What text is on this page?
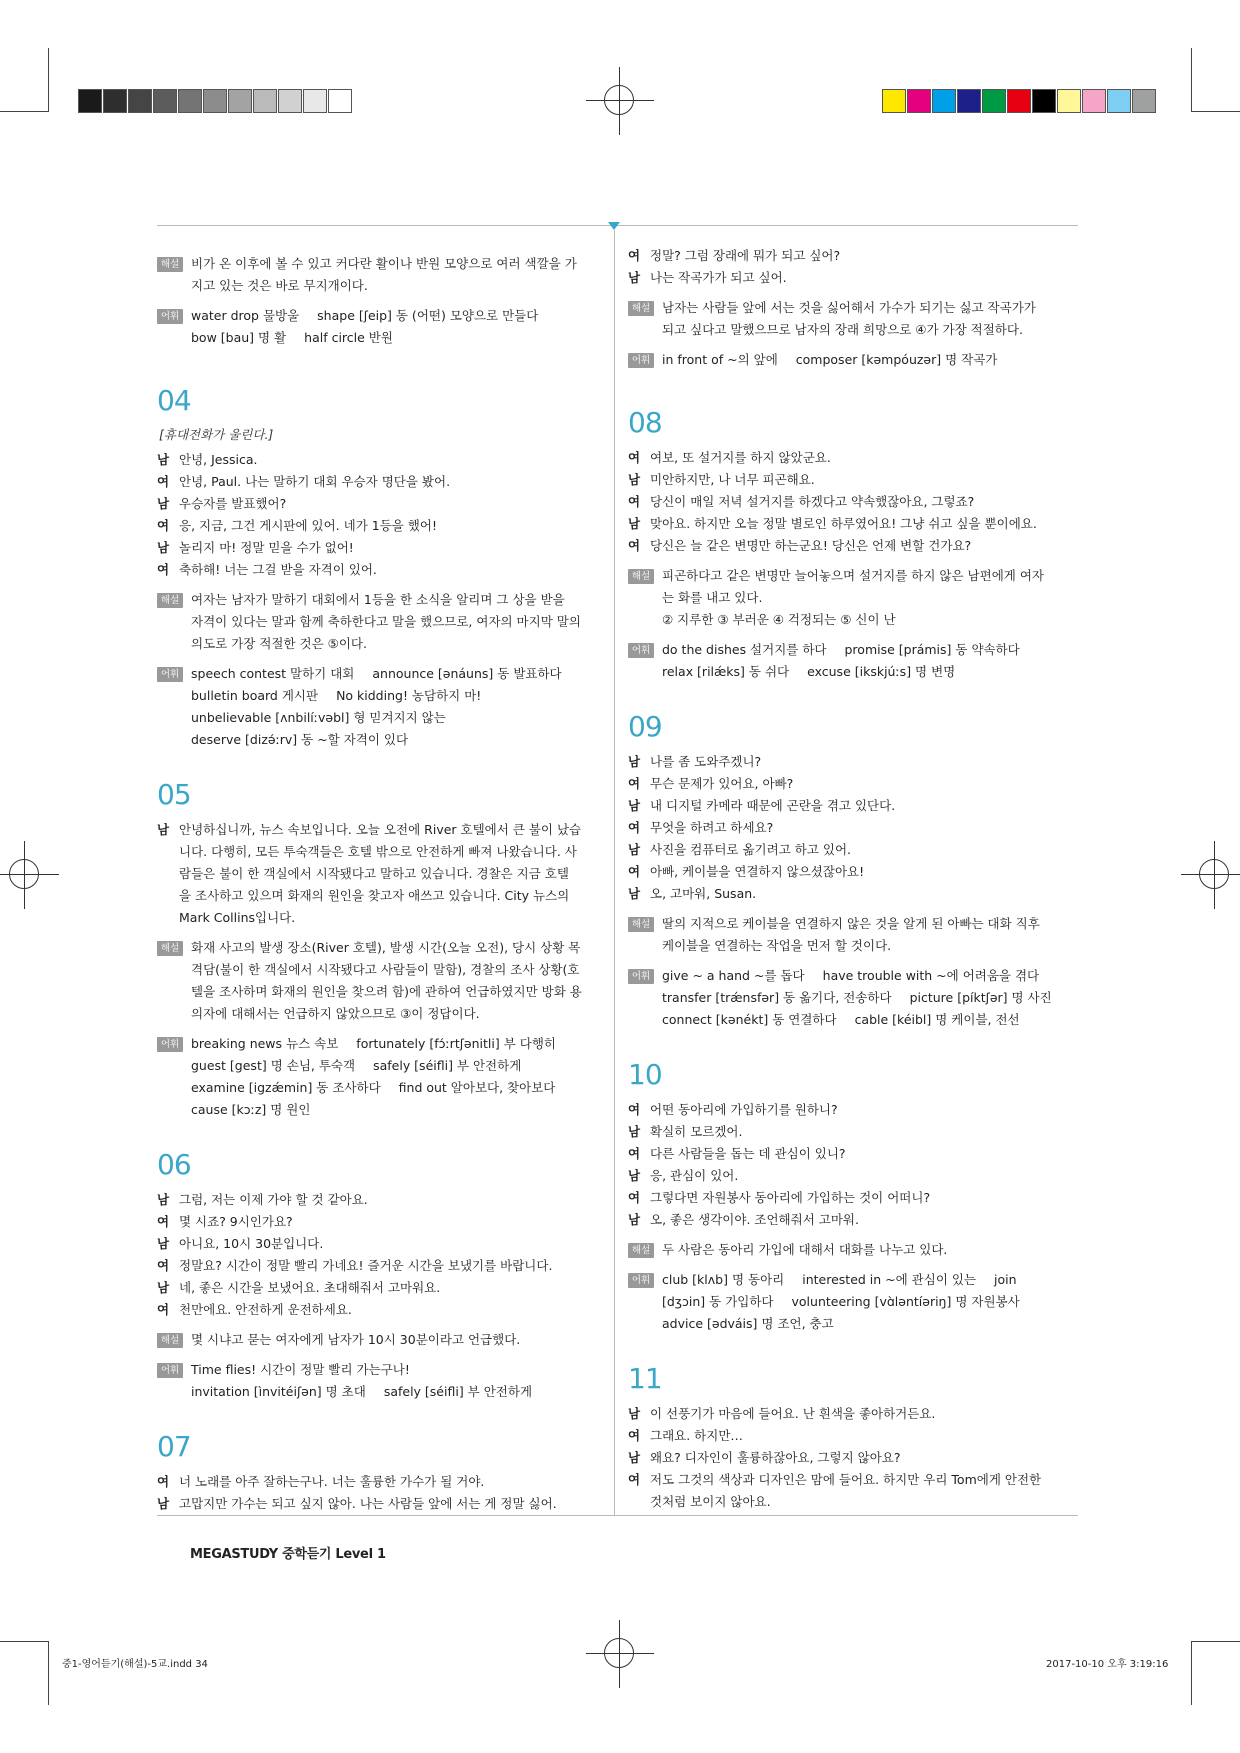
해설 비가 온 이후에 볼 수 있고 커다란 활이나 반원 모양으로 여러 색깔을 가
지고 있는 것은 바로 무지개이다.
어휘 water drop 물방울 shape [ʃeip] 동 (어떤) 모양으로 만들다
bow [bau] 명 활 half circle 반원
04
[휴대전화가 울린다.]
남 안녕, Jessica.
여 안녕, Paul. 나는 말하기 대회 우승자 명단을 봤어.
남 우승자를 발표했어?
여 응, 지금, 그건 게시판에 있어. 네가 1등을 했어!
남 놀리지 마! 정말 믿을 수가 없어!
여 축하해! 너는 그걸 받을 자격이 있어.
해설 여자는 남자가 말하기 대회에서 1등을 한 소식을 알리며 그 상을 받을
자격이 있다는 말과 함께 축하한다고 말을 했으므로, 여자의 마지막 말의
의도로 가장 적절한 것은 ⑤이다.
어휘 speech contest 말하기 대회 announce [ənáuns] 동 발표하다
bulletin board 게시판 No kidding! 농담하지 마!
unbelievable [ʌnbilíːvəbl] 형 믿겨지지 않는
deserve [dizə́ːrv] 동 ~할 자격이 있다
05
남 안녕하십니까, 뉴스 속보입니다. 오늘 오전에 River 호텔에서 큰 불이 났습
니다. 다행히, 모든 투숙객들은 호텔 밖으로 안전하게 빠져 나왔습니다. 사
람들은 불이 한 객실에서 시작됐다고 말하고 있습니다. 경찰은 지금 호텔
을 조사하고 있으며 화재의 원인을 찾고자 애쓰고 있습니다. City 뉴스의
Mark Collins입니다.
해설 화재 사고의 발생 장소(River 호텔), 발생 시간(오늘 오전), 당시 상황 목
격담(불이 한 객실에서 시작됐다고 사람들이 말함), 경찰의 조사 상황(호
텔을 조사하며 화재의 원인을 찾으려 함)에 관하여 언급하였지만 방화 용
의자에 대해서는 언급하지 않았으므로 ③이 정답이다.
어휘 breaking news 뉴스 속보 fortunately [fɔ́ːrtʃənitli] 부 다행히
guest [gest] 명 손님, 투숙객 safely [séifli] 부 안전하게
examine [igzǽmin] 동 조사하다 find out 알아보다, 찾아보다
cause [kɔːz] 명 원인
06
남 그럼, 저는 이제 가야 할 것 같아요.
여 몇 시죠? 9시인가요?
남 아니요, 10시 30분입니다.
여 정말요? 시간이 정말 빨리 가네요! 즐거운 시간을 보냈기를 바랍니다.
남 네, 좋은 시간을 보냈어요. 초대해줘서 고마워요.
여 천만에요. 안전하게 운전하세요.
해설 몇 시냐고 묻는 여자에게 남자가 10시 30분이라고 언급했다.
어휘 Time flies! 시간이 정말 빨리 가는구나!
invitation [ìnvitéiʃən] 명 초대 safely [séifli] 부 안전하게
07
여 너 노래를 아주 잘하는구나. 너는 훌륭한 가수가 될 거야.
남 고맙지만 가수는 되고 싶지 않아. 나는 사람들 앞에 서는 게 정말 싫어.
여 정말? 그럼 장래에 뭐가 되고 싶어?
남 나는 작곡가가 되고 싶어.
해설 남자는 사람들 앞에 서는 것을 싫어해서 가수가 되기는 싫고 작곡가가
되고 싶다고 말했으므로 남자의 장래 희망으로 ④가 가장 적절하다.
어휘 in front of ~의 앞에 composer [kəmpóuzər] 명 작곡가
08
여 여보, 또 설거지를 하지 않았군요.
남 미안하지만, 나 너무 피곤해요.
여 당신이 매일 저녁 설거지를 하겠다고 약속했잖아요, 그렇죠?
남 맞아요. 하지만 오늘 정말 별로인 하루였어요! 그냥 쉬고 싶을 뿐이에요.
여 당신은 늘 같은 변명만 하는군요! 당신은 언제 변할 건가요?
해설 피곤하다고 같은 변명만 늘어놓으며 설거지를 하지 않은 남편에게 여자
는 화를 내고 있다.
② 지루한 ③ 부러운 ④ 걱정되는 ⑤ 신이 난
어휘 do the dishes 설거지를 하다 promise [prámis] 동 약속하다
relax [rilǽks] 동 쉬다 excuse [ikskjúːs] 명 변명
09
남 나를 좀 도와주겠니?
여 무슨 문제가 있어요, 아빠?
남 내 디지털 카메라 때문에 곤란을 겪고 있단다.
여 무엇을 하려고 하세요?
남 사진을 컴퓨터로 옮기려고 하고 있어.
여 아빠, 케이블을 연결하지 않으셨잖아요!
남 오, 고마워, Susan.
해설 딸의 지적으로 케이블을 연결하지 않은 것을 알게 된 아빠는 대화 직후
케이블을 연결하는 작업을 먼저 할 것이다.
어휘 give ~ a hand ~를 돕다 have trouble with ~에 어려움을 겪다
transfer [trǽnsfər] 동 옮기다, 전송하다 picture [píktʃər] 명 사진
connect [kənékt] 동 연결하다 cable [kéibl] 명 케이블, 전선
10
여 어떤 동아리에 가입하기를 원하니?
남 확실히 모르겠어.
여 다른 사람들을 돕는 데 관심이 있니?
남 응, 관심이 있어.
여 그렇다면 자원봉사 동아리에 가입하는 것이 어떠니?
남 오, 좋은 생각이야. 조언해줘서 고마워.
해설 두 사람은 동아리 가입에 대해서 대화를 나누고 있다.
어휘 club [klʌb] 명 동아리 interested in ~에 관심이 있는 join
[dʒɔin] 동 가입하다 volunteering [vɑ̀ləntíəriŋ] 명 자원봉사
advice [ədváis] 명 조언, 충고
11
남 이 선풍기가 마음에 들어요. 난 흰색을 좋아하거든요.
여 그래요. 하지만…
남 왜요? 디자인이 훌륭하잖아요, 그렇지 않아요?
여 저도 그것의 색상과 디자인은 맘에 들어요. 하지만 우리 Tom에게 안전한
것처럼 보이지 않아요.
MEGASTUDY 중학듣기 Level 1
중1-영어듣기(해설)-5교.indd 34	2017-10-10 오후 3:19:16
